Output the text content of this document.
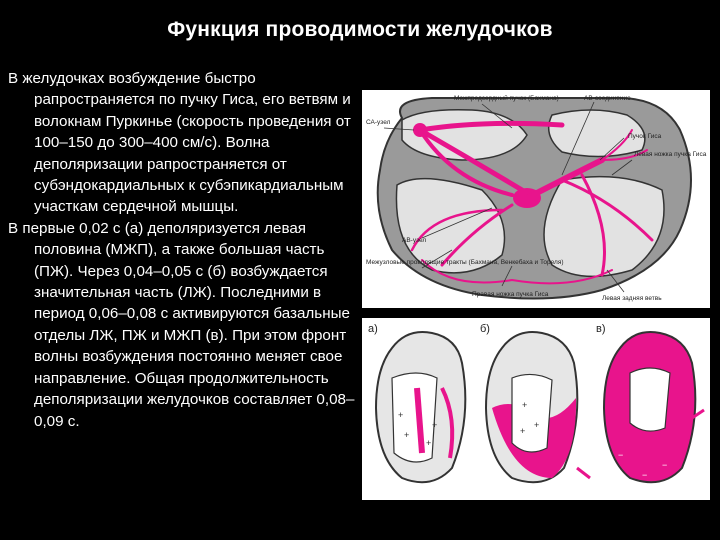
Функция проводимости желудочков

В желудочках возбуждение быстро рапространяется по пучку Гиса, его ветвям и волокнам Пуркинье (скорость проведения от 100–150 до 300–400 см/с). Волна деполяризации рапространяется от субэндокардиальных к субэпикардиальным участкам сердечной мышцы.

В первые 0,02 с (а) деполяризуется левая половина (МЖП), а также большая часть (ПЖ). Через 0,04–0,05 с (б) возбуждается значительная часть (ЛЖ). Последними в период 0,06–0,08 с активируются базальные отделы ЛЖ, ПЖ и МЖП (в). При этом фронт волны возбуждения постоянно меняет свое направление. Общая продолжительность деполяризации желудочков составляет 0,08–0,09 с.

СА-узел
Межпредсердный пучок (Бахмана)	АВ-соединение
Пучок Гиса
Левая ножка пучка Гиса
АВ-узел
Межузловые проводящие тракты (Бахмана, Венкебаха и Тореля)
Правая ножка пучка Гиса
Левая задняя ветвь
а)
+
+
+
+
б)
+
+
+
в)
−
−
−
